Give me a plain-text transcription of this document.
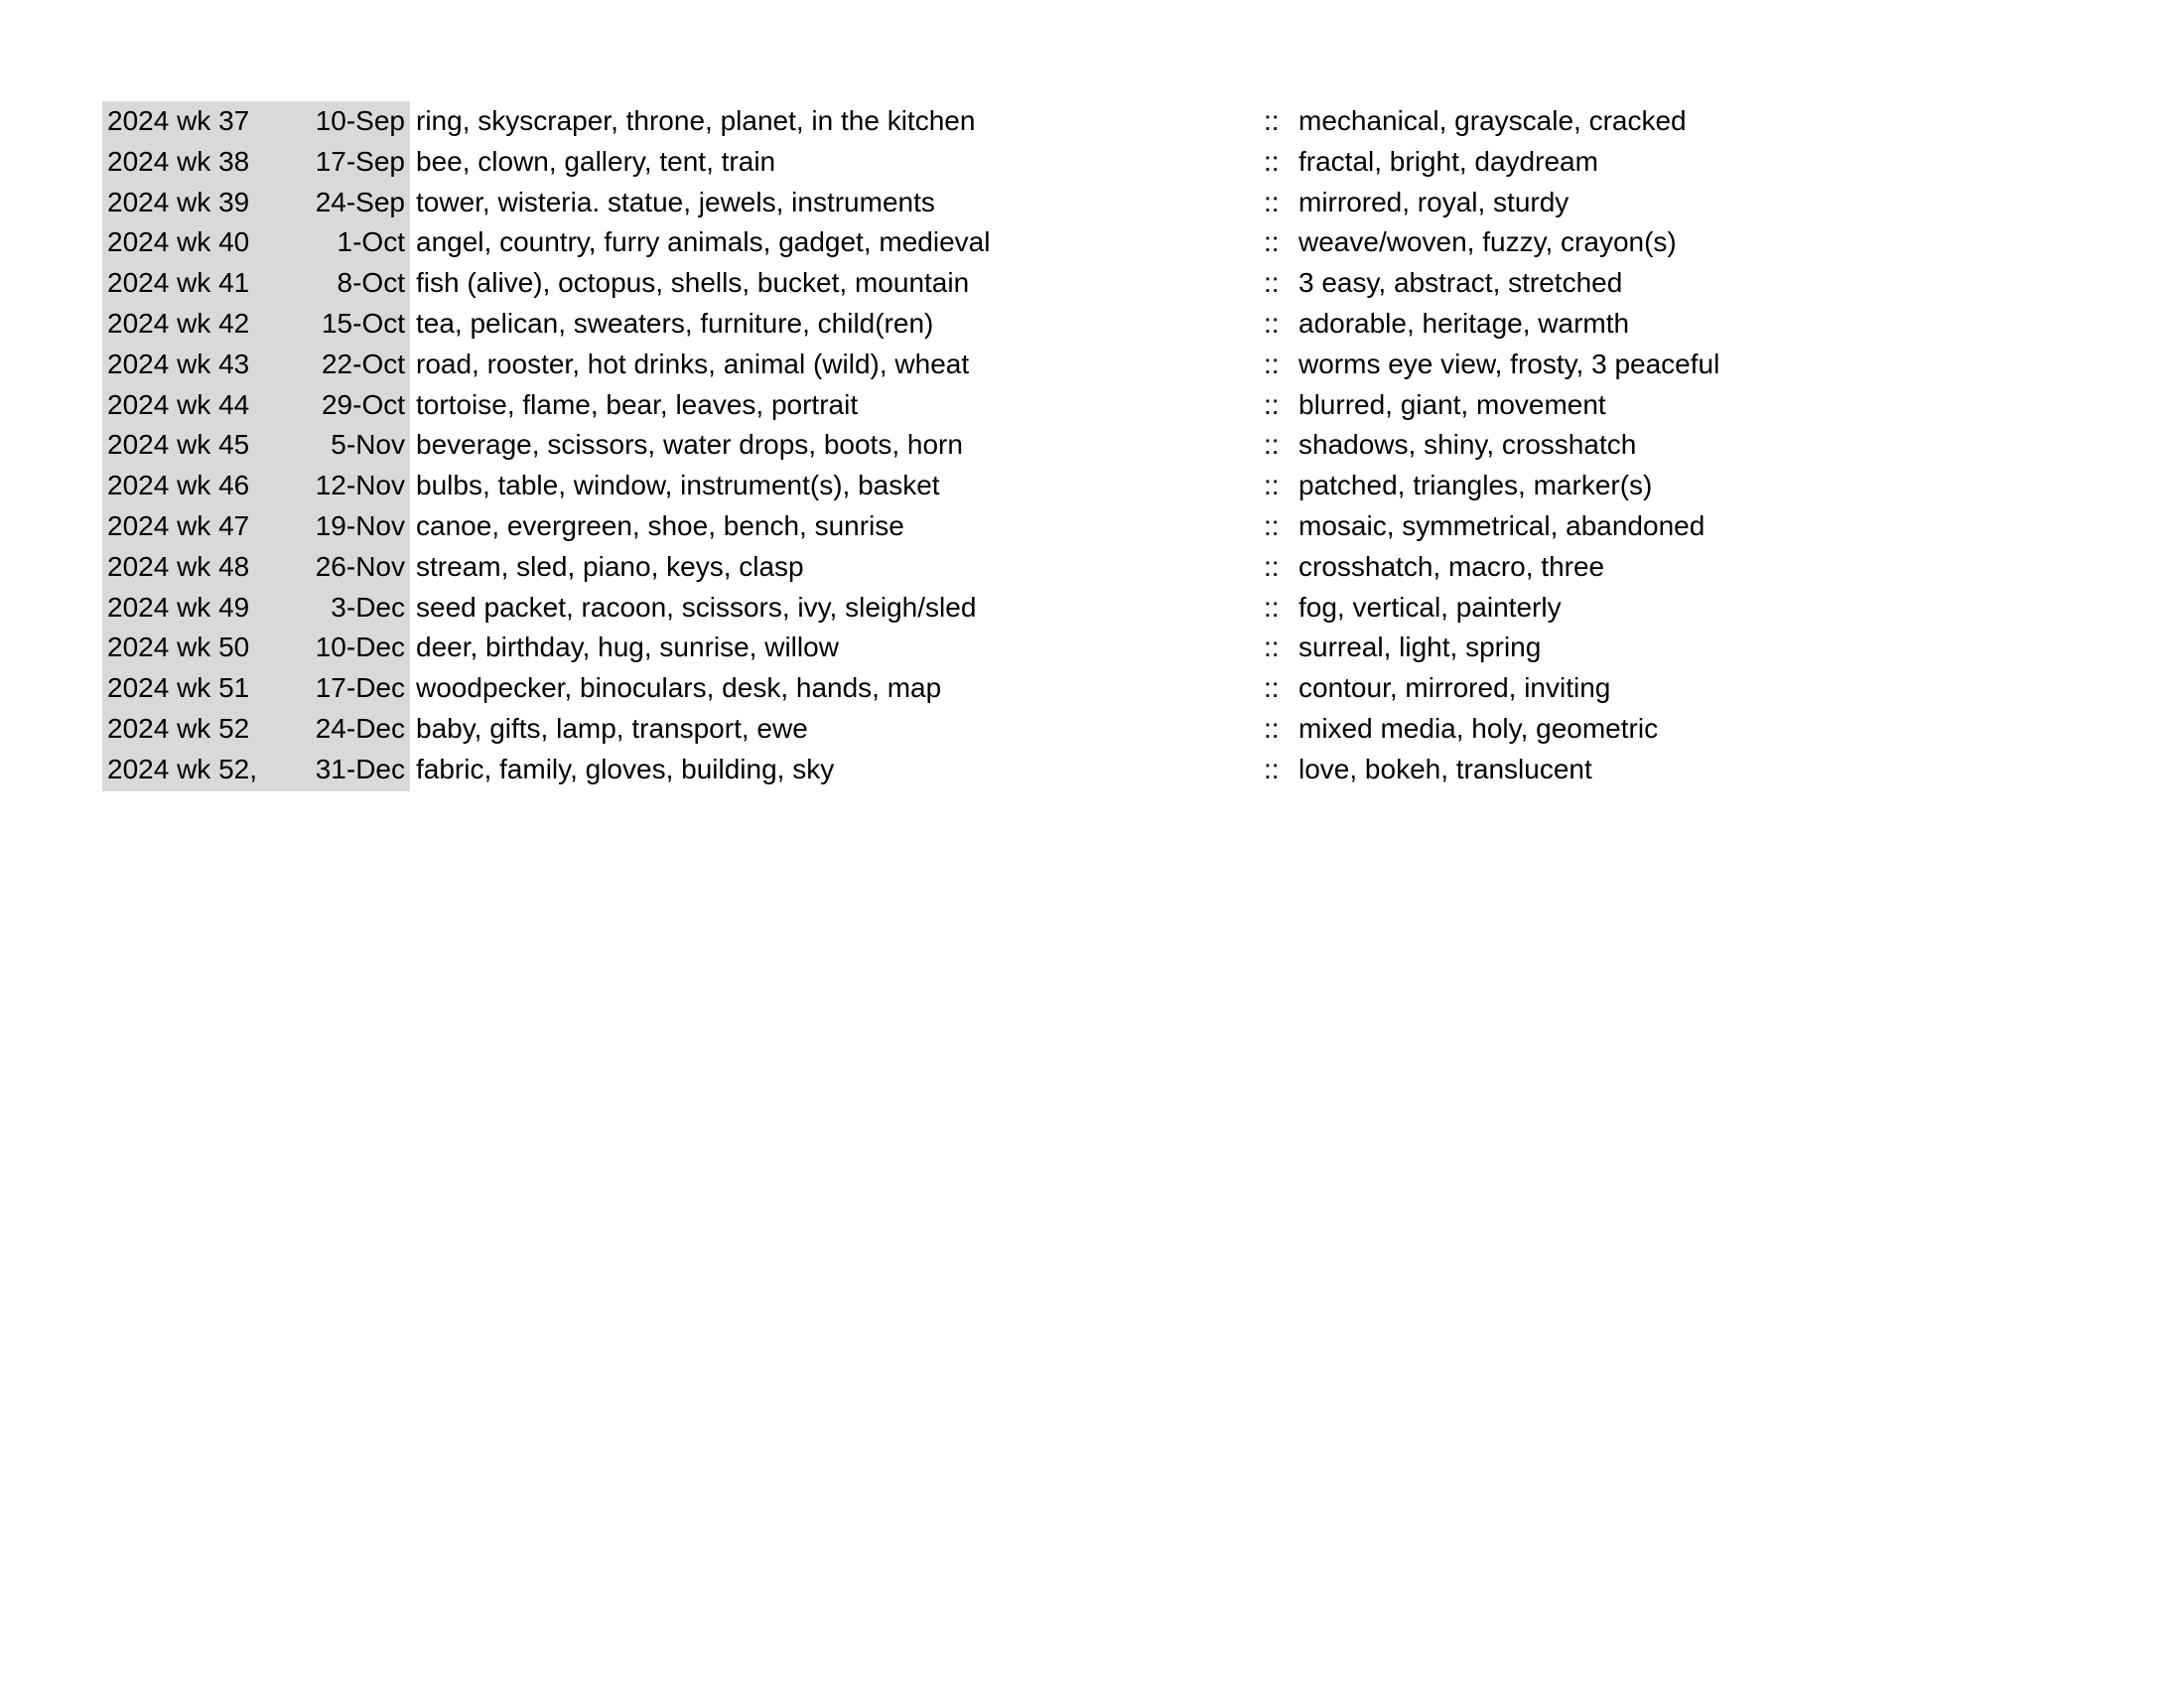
2024 wk 37	10-Sep ring, skyscraper, throne, planet, in the kitchen	:: mechanical, grayscale, cracked
2024 wk 38	17-Sep bee, clown, gallery, tent, train	:: fractal, bright, daydream
2024 wk 39	24-Sep tower, wisteria. statue, jewels, instruments	:: mirrored, royal, sturdy
2024 wk 40	1-Oct angel, country, furry animals, gadget, medieval	:: weave/woven, fuzzy, crayon(s)
2024 wk 41	8-Oct fish (alive), octopus, shells, bucket, mountain	:: 3 easy, abstract, stretched
2024 wk 42	15-Oct tea, pelican, sweaters, furniture, child(ren)	:: adorable, heritage, warmth
2024 wk 43	22-Oct road, rooster, hot drinks, animal (wild), wheat	:: worms eye view, frosty, 3 peaceful
2024 wk 44	29-Oct tortoise, flame, bear, leaves, portrait	:: blurred, giant, movement
2024 wk 45	5-Nov beverage, scissors, water drops, boots, horn	:: shadows, shiny, crosshatch
2024 wk 46	12-Nov bulbs, table, window, instrument(s), basket	:: patched, triangles, marker(s)
2024 wk 47	19-Nov canoe, evergreen, shoe, bench, sunrise	:: mosaic, symmetrical, abandoned
2024 wk 48	26-Nov stream, sled, piano, keys, clasp	:: crosshatch, macro, three
2024 wk 49	3-Dec seed packet, racoon, scissors, ivy, sleigh/sled	:: fog, vertical, painterly
2024 wk 50	10-Dec deer, birthday, hug, sunrise, willow	:: surreal, light, spring
2024 wk 51	17-Dec woodpecker, binoculars, desk, hands, map	:: contour, mirrored, inviting
2024 wk 52	24-Dec baby, gifts, lamp, transport, ewe	:: mixed media, holy, geometric
2024 wk 52,	31-Dec fabric, family, gloves, building, sky	:: love, bokeh, translucent
